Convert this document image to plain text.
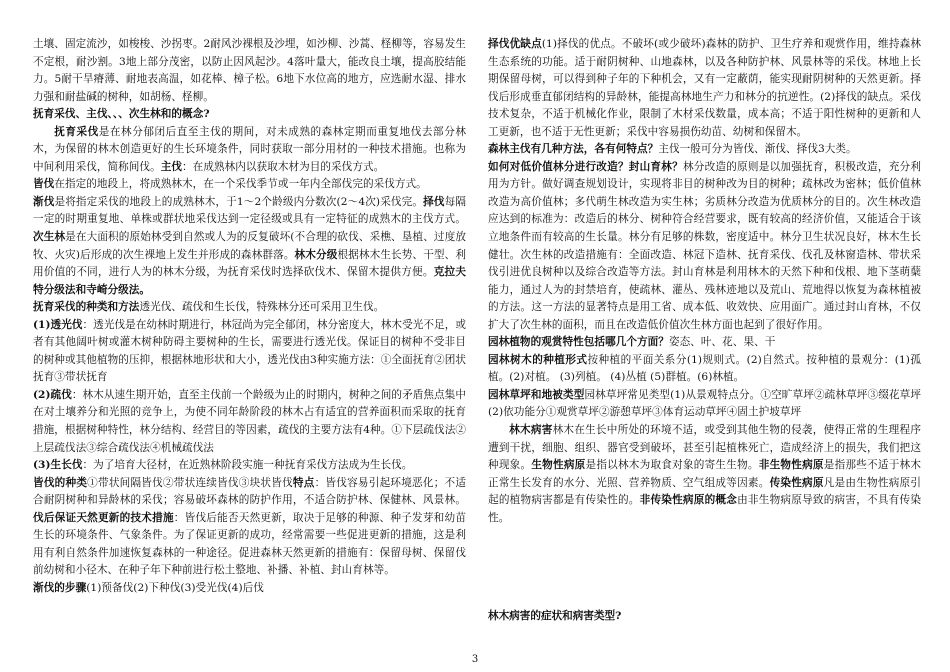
土壤、固定流沙，如梭梭、沙拐枣。2耐风沙裸根及沙埋，如沙柳、沙蒿、柽柳等，容易发生不定根，耐沙割。3地上部分茂密，以防止因风起沙。4落叶量大，能改良土壤，提高胶结能力。5耐干旱瘠薄、耐地表高温，如花棒、樟子松。6地下水位高的地方，应选耐水湿、排水力强和耐盐碱的树种，如胡杨、柽柳。

抚育采伐、主伐、、、次生林和的概念?

抚育采伐是在林分郁闭后直至主伐的期间，对未成熟的森林定期而重复地伐去部分林木，为保留的林木创造更好的生长环境条件，同时获取一部分用材的一种技术措施。也称为中间利用采伐，简称间伐。主伐：在成熟林内以获取木材为目的采伐方式。

皆伐在指定的地段上，将成熟林木，在一个采伐季节或一年内全部伐完的采伐方式。

渐伐是将指定采伐的地段上的成熟林木，于1～2个龄级内分数次(2～4次)采伐完。择伐每隔一定的时期重复地、单株或群状地采伐达到一定径级或具有一定特征的成熟木的主伐方式。次生林是在大面积的原始林受到自然或人为的反复破坏(不合理的砍伐、采樵、垦植、过度放牧、火灾)后形成的次生裸地上发生并形成的森林群落。林木分级根据林木生长势、干型、利用价值的不同，进行人为的林木分级，为抚育采伐时选择砍伐木、保留木提供方便。克拉夫特分级法和寺崎分级法。

抚育采伐的种类和方法透光伐、疏伐和生长伐，特殊林分还可采用卫生伐。

(1)透光伐：透光伐是在幼林时期进行，林冠尚为完全郁闭，林分密度大，林木受光不足，或者有其他阔叶树或灌木树种防碍主要树种的生长，需要进行透光伐。保证目的树种不受非目的树种或其他植物的压抑，根据林地形状和大小，透光伐由3种实施方法：①全面抚育②团状抚育③带状抚育

(2)疏伐：林木从速生期开始，直至主伐前一个龄级为止的时期内，树种之间的矛盾焦点集中在对土壤养分和光照的竞争上，为使不同年龄阶段的林木占有适宜的营养面积而采取的抚育措施，根据树种特性，林分结构、经营目的等因素，疏伐的主要方法有4种。①下层疏伐法②上层疏伐法③综合疏伐法④机械疏伐法

(3)生长伐：为了培育大径材，在近熟林阶段实施一种抚育采伐方法成为生长伐。

皆伐的种类①带状间隔皆伐②带状连续皆伐③块状皆伐特点：皆伐容易引起环境恶化；不适合耐阴树种和异龄林的采伐；容易破坏森林的防护作用，不适合防护林、保健林、风景林。伐后保证天然更新的技术措施：皆伐后能否天然更新，取决于足够的种源、种子发芽和幼苗生长的环境条件、气象条件。为了保证更新的成功，经常需要一些促进更新的措施，这是利用有利自然条件加速恢复森林的一种途径。促进森林天然更新的措施有：保留母树、保留伐前幼树和小径木、在种子年下种前进行松土整地、补播、补植、封山育林等。

渐伐的步骤(1)预备伐(2)下种伐(3)受光伐(4)后伐

择伐优缺点(1)择伐的优点。不破坏(或少破坏)森林的防护、卫生疗养和观赏作用，维持森林生态系统的功能。适于耐阴树种、山地森林，以及各种防护林、风景林等的采伐。林地上长期保留母树，可以得到种子年的下种机会，又有一定蔽荫，能实现耐阴树种的天然更新。择伐后形成垂直郁闭结构的异龄林，能提高林地生产力和林分的抗逆性。(2)择伐的缺点。采伐技术复杂，不适于机械化作业，限制了木材采伐数量，成本高；不适于阳性树种的更新和人工更新，也不适于无性更新；采伐中容易损伤幼苗、幼树和保留木。

森林主伐有几种方法，各有何特点？主伐一般可分为皆伐、渐伐、择伐3大类。

如何对低价值林分进行改造？封山育林？林分改造的原则是以加强抚育，积极改造，充分利用为方针。做好调查规划设计，实现将非目的树种改为目的树种；疏林改为密林；低价值林改造为高价值林；多代萌生林改造为实生林；劣质林分改造为优质林分的目的。次生林改造应达到的标准为：改造后的林分、树种符合经营要求，既有较高的经济价值，又能适合于该立地条件而有较高的生长量。林分有足够的株数，密度适中。林分卫生状况良好，林木生长健壮。次生林的改造措施有：全面改造、林冠下造林、抚育采伐、伐孔及林窗造林、带状采伐引进优良树种以及综合改造等方法。封山育林是利用林木的天然下种和伐根、地下茎萌蘖能力，通过人为的封禁培育，使疏林、灌丛、残林迹地以及荒山、荒地得以恢复为森林植被的方法。这一方法的显著特点是用工省、成本低、收效快、应用面广。通过封山育林，不仅扩大了次生林的面积，而且在改造低价值次生林方面也起到了很好作用。

园林植物的观赏特性包括哪几个方面？姿态、叶、花、果、干

园林树木的种植形式按种植的平面关系分(1)规则式。(2)自然式。按种植的景观分：(1)孤植。(2)对植。 (3)列植。 (4)丛植 (5)群植。(6)林植。

园林草坪和地被类型园林草坪常见类型(1)从景观特点分。①空旷草坪②疏林草坪③缀花草坪(2)依功能分①观赏草坪②游憩草坪③体育运动草坪④固土护坡草坪

林木病害林木在生长中所处的环境不适，或受到其他生物的侵袭，使得正常的生理程序遭到干扰，细胞、组织、器官受到破坏，甚至引起植株死亡，造成经济上的损失，我们把这种现象。生物性病原是指以林木为取食对象的寄生生物。非生物性病原是指那些不适于林木正常生长发育的水分、光照、营养物质、空气组成等因素。传染性病原凡是由生物性病原引起的植物病害都是有传染性的。非传染性病原的概念由非生物病原导致的病害，不具有传染性。

林木病害的症状和病害类型?
3
